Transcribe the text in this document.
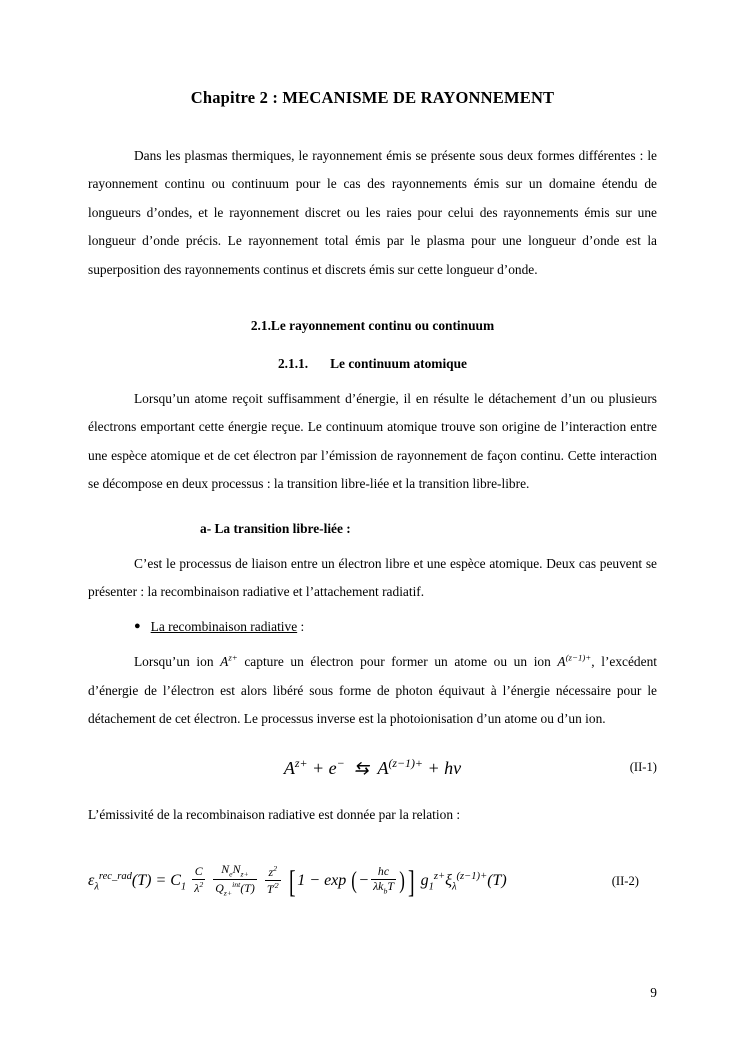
Chapitre 2 : MECANISME DE RAYONNEMENT

Dans les plasmas thermiques, le rayonnement émis se présente sous deux formes différentes : le rayonnement continu ou continuum pour le cas des rayonnements émis sur un domaine étendu de longueurs d’ondes, et le rayonnement discret ou les raies pour celui des rayonnements émis sur une longueur d’onde précis. Le rayonnement total émis par le plasma pour une longueur d’onde est la superposition des rayonnements continus et discrets émis sur cette longueur d’onde.

2.1.Le rayonnement continu ou continuum
2.1.1. Le continuum atomique

Lorsqu’un atome reçoit suffisamment d’énergie, il en résulte le détachement d’un ou plusieurs électrons emportant cette énergie reçue. Le continuum atomique trouve son origine de l’interaction entre une espèce atomique et de cet électron par l’émission de rayonnement de façon continu. Cette interaction se décompose en deux processus : la transition libre-liée et la transition libre-libre.

a- La transition libre-liée :

C’est le processus de liaison entre un électron libre et une espèce atomique. Deux cas peuvent se présenter : la recombinaison radiative et l’attachement radiatif.

● La recombinaison radiative :

Lorsqu’un ion $A^{z+}$ capture un électron pour former un atome ou un ion $A^{(z-1)+}$, l’excédent d’énergie de l’électron est alors libéré sous forme de photon équivaut à l’énergie nécessaire pour le détachement de cet électron. Le processus inverse est la photoionisation d’un atome ou d’un ion.

$A^{z+} + e^-$  ⇆  $A^{(z-1)+} + h\nu$	(II-1)

L’émissivité de la recombinaison radiative est donnée par la relation :

$\varepsilon_\lambda^{rec\_rad}(T) = C_1 \frac{C}{\lambda^2}$
$\frac{N_eN_{z+}}{Q_{z+}^{int}(T)}$
$\frac{z^2}{T^{⁄2}}$ [ 1 − exp (− $\frac{hc}{\lambda k_bT}$ ) ] $g_1^{z+}\xi_\lambda^{(z-1)+}(T)$	(II-2)
9
